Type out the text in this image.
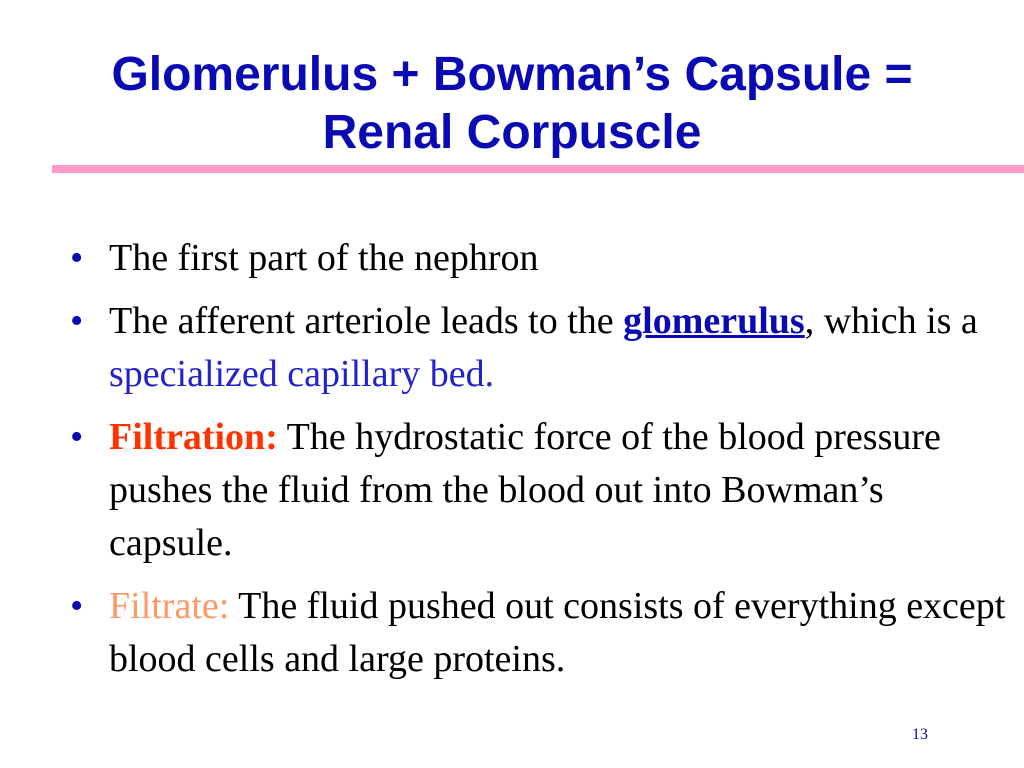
Glomerulus + Bowman’s Capsule =
Renal Corpuscle
• The first part of the nephron
• The afferent arteriole leads to the glomerulus, which is a specialized capillary bed.
• Filtration: The hydrostatic force of the blood pressure pushes the fluid from the blood out into Bowman’s capsule.
• Filtrate: The fluid pushed out consists of everything except blood cells and large proteins.
13
